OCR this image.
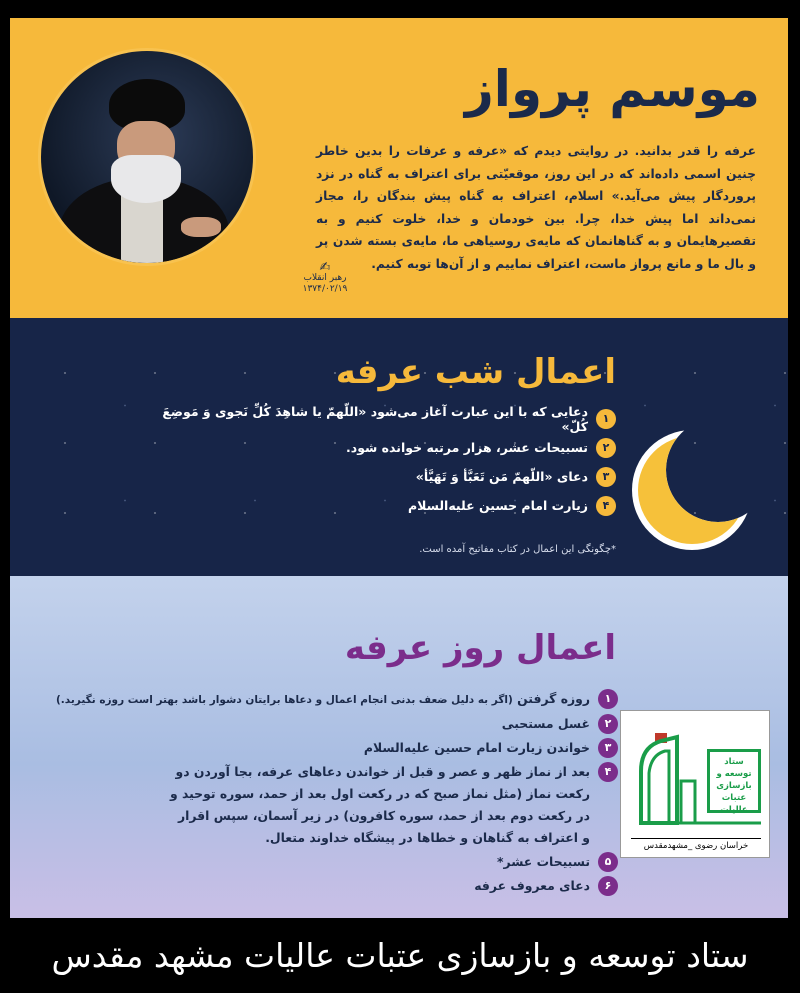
موسم پرواز
عرفه را قدر بدانید. در روایتی دیدم که «عرفه و عرفات را بدین خاطر چنین اسمی داده‌اند که در این روز، موقعیّتی برای اعتراف به گناه در نزد پروردگار پیش می‌آید.» اسلام، اعتراف به گناه پیش بندگان را، مجاز نمی‌داند اما پیش خدا، چرا. بین خودمان و خدا، خلوت کنیم و به تقصیرهایمان و به گناهانمان که مایه‌ی روسیاهی ما، مایه‌ی بسته شدن پر و بال ما و مانع پرواز ماست، اعتراف نماییم و از آن‌ها توبه کنیم.
✍
رهبر انقلاب
۱۳۷۴/۰۲/۱۹
اعمال شب عرفه
۱
دعایی که با این عبارت آغاز می‌شود «اللّهمّ یا شاهِدَ کُلِّ نَجوی وَ مَوضِعَ کُلّ»
۲
تسبیحات عشر، هزار مرتبه خوانده شود.
۳
دعای «اللّهمّ مَن تَعَبَّأ وَ تَهَیَّأ»
۴
زیارت امام حسین علیه‌السلام
*چگونگی این اعمال در کتاب مفاتیح آمده است.
اعمال روز عرفه
۱
روزه گرفتن (اگر به دلیل ضعف بدنی انجام اعمال و دعاها برایتان دشوار باشد بهتر است روزه نگیرید.)
۲
غسل مستحبی
۳
خواندن زیارت امام حسین علیه‌السلام
۴
بعد از نماز ظهر و عصر و قبل از خواندن دعاهای عرفه، بجا آوردن دو رکعت نماز (مثل نماز صبح که در رکعت اول بعد از حمد، سوره توحید و در رکعت دوم بعد از حمد، سوره کافرون) در زیر آسمان، سپس اقرار و اعتراف به گناهان و خطاها در پیشگاه خداوند متعال.
۵
تسبیحات عشر*
۶
دعای معروف عرفه
ستاد توسعه و بازسازی عتبات عالیات
خراسان رضوی _مشهدمقدس
ستاد توسعه و بازسازی عتبات عالیات مشهد مقدس
